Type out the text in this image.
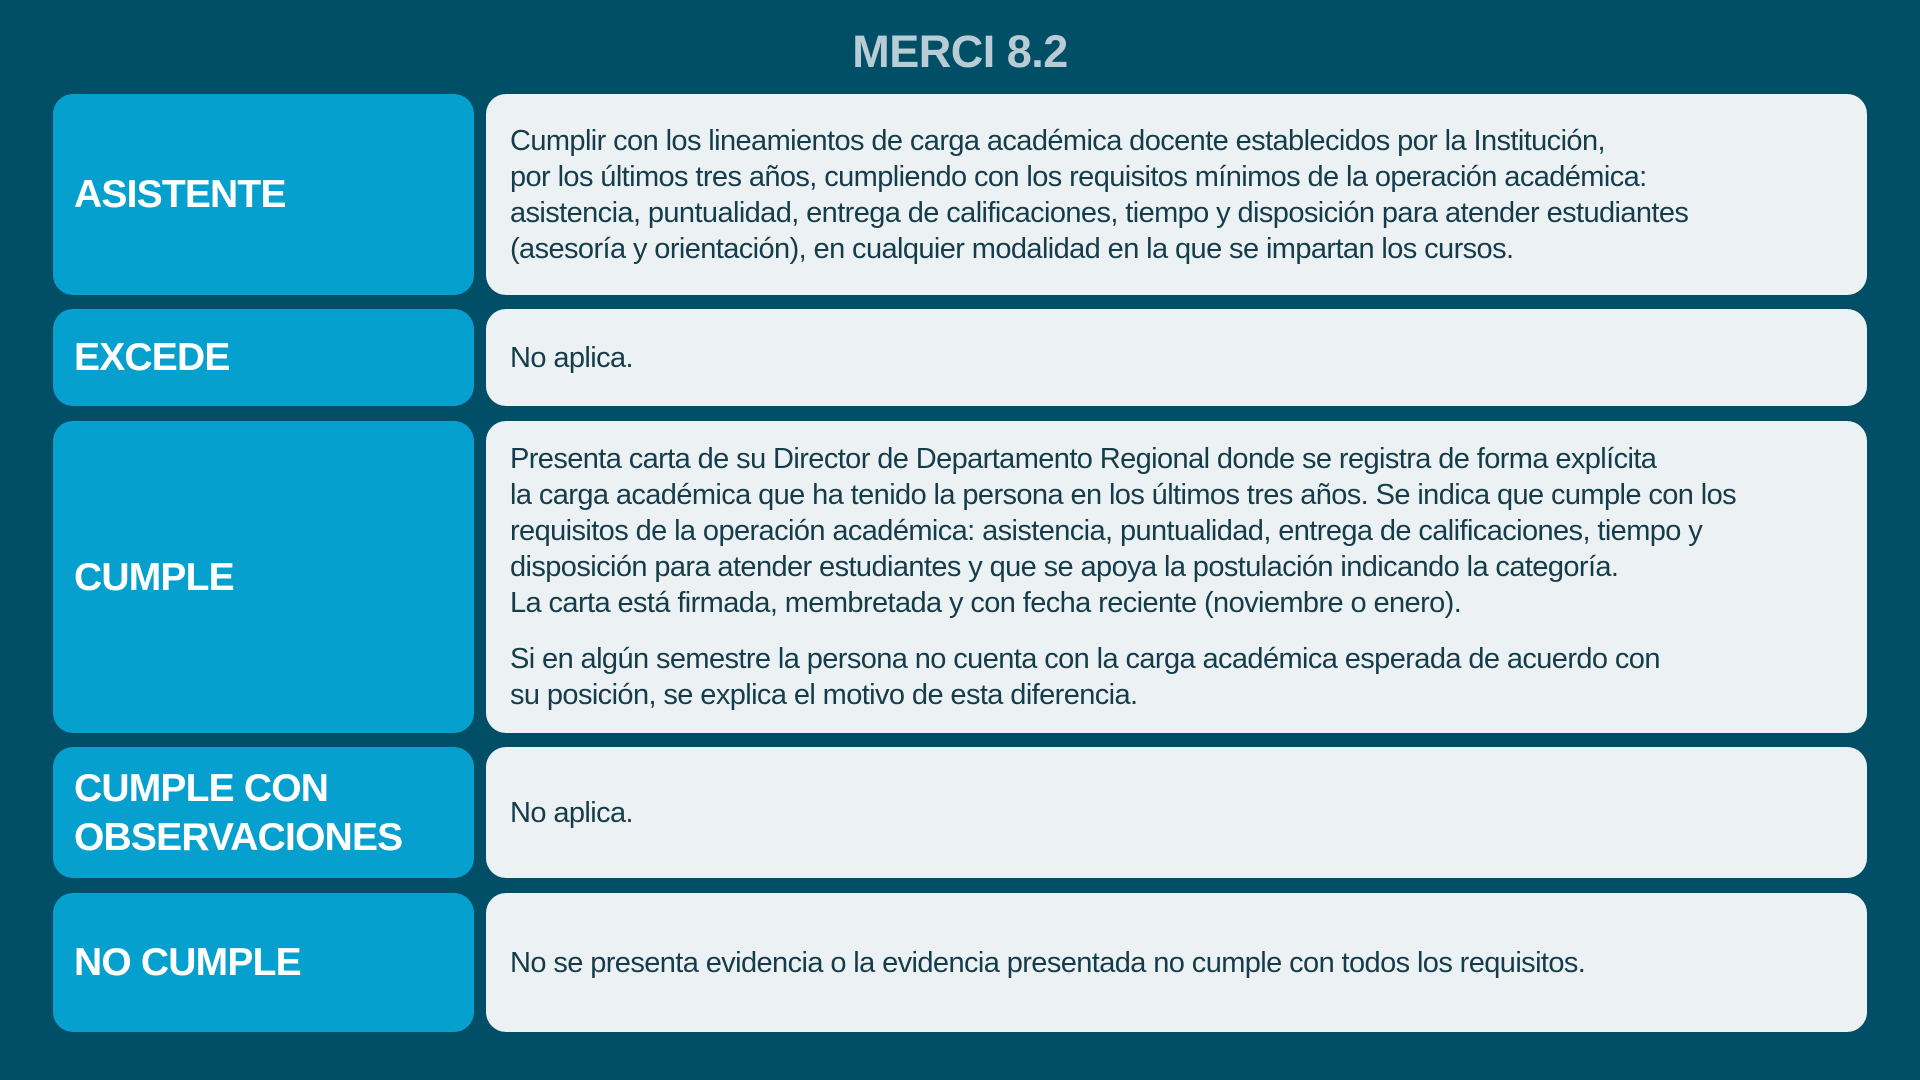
MERCI 8.2
ASISTENTE

Cumplir con los lineamientos de carga académica docente establecidos por la Institución,
por los últimos tres años, cumpliendo con los requisitos mínimos de la operación académica:
asistencia, puntualidad, entrega de calificaciones, tiempo y disposición para atender estudiantes
(asesoría y orientación), en cualquier modalidad en la que se impartan los cursos.

EXCEDE	No aplica.

CUMPLE

Presenta carta de su Director de Departamento Regional donde se registra de forma explícita
la carga académica que ha tenido la persona en los últimos tres años. Se indica que cumple con los
requisitos de la operación académica: asistencia, puntualidad, entrega de calificaciones, tiempo y
disposición para atender estudiantes y que se apoya la postulación indicando la categoría.
La carta está firmada, membretada y con fecha reciente (noviembre o enero).

Si en algún semestre la persona no cuenta con la carga académica esperada de acuerdo con
su posición, se explica el motivo de esta diferencia.

CUMPLE CON
OBSERVACIONES

No aplica.

NO CUMPLE	No se presenta evidencia o la evidencia presentada no cumple con todos los requisitos.
